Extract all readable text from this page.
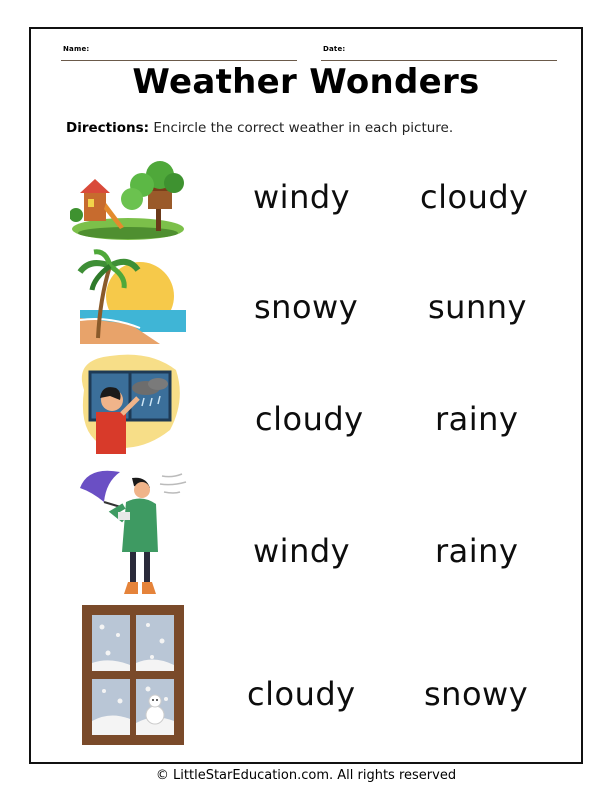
Name:	Date:
Weather Wonders
Directions: Encircle the correct weather in each picture.
windy cloudy
snowy sunny
cloudy rainy
windy	rainy
cloudy snowy
© LittleStarEducation.com. All rights reserved
